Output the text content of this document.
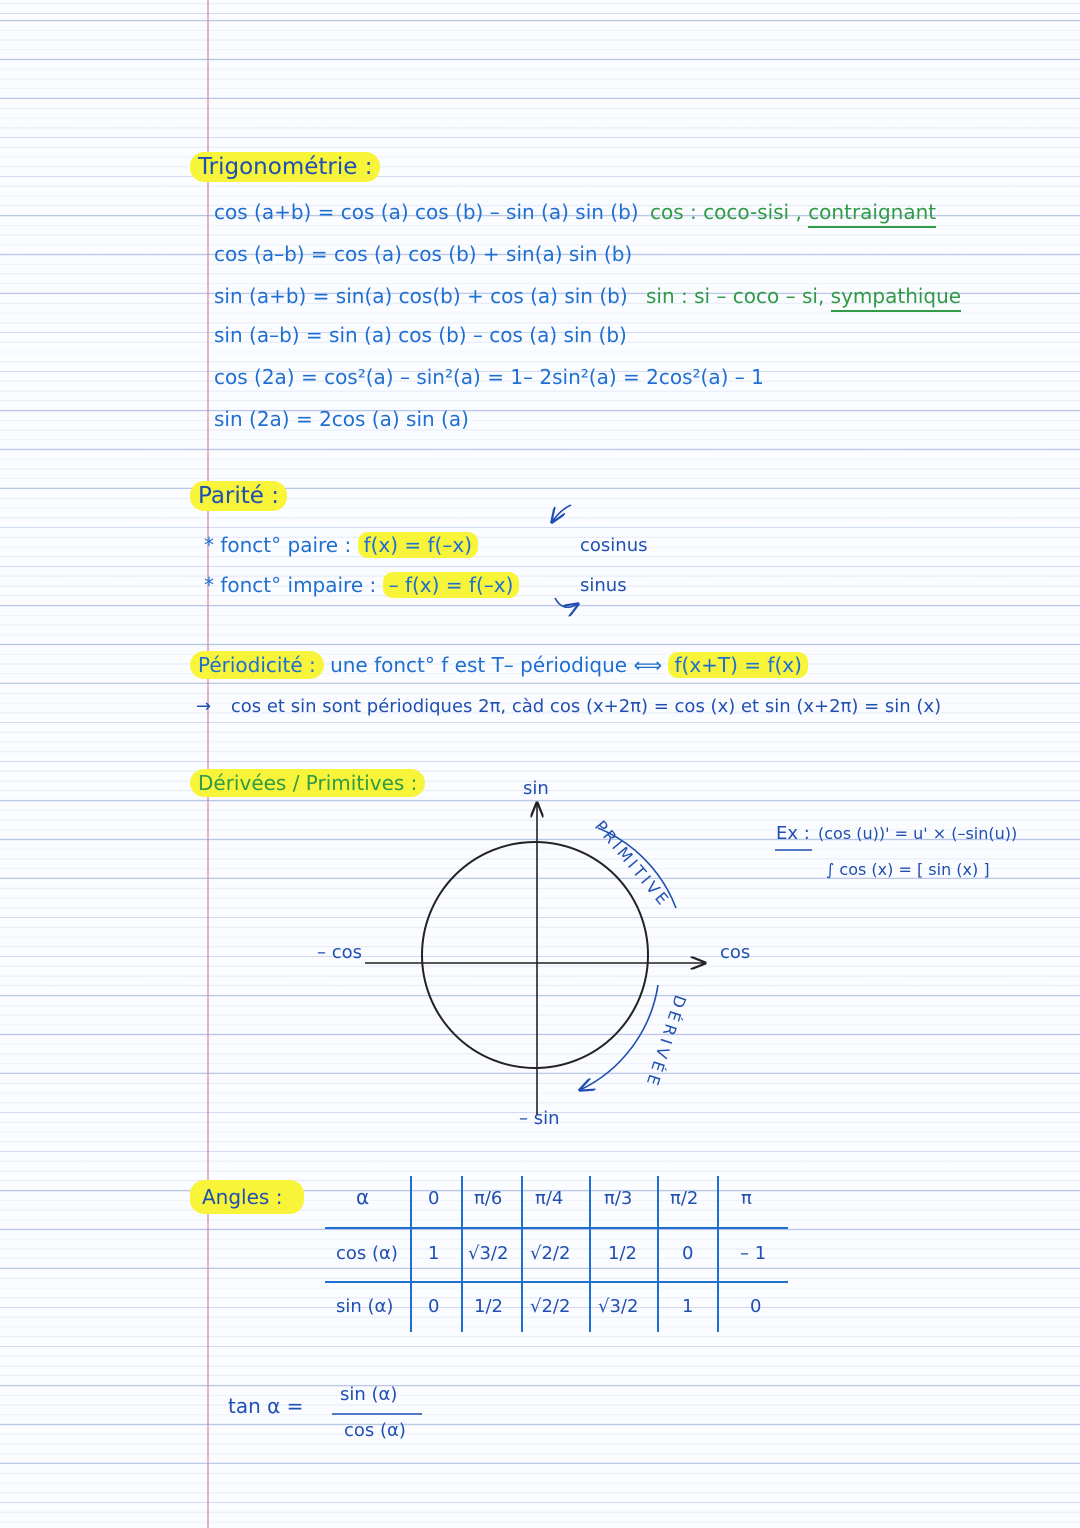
Trigonométrie :
cos (a+b) = cos (a) cos (b) – sin (a) sin (b)
cos (a–b) = cos (a) cos (b) + sin(a) sin (b)
sin (a+b) = sin(a) cos(b) + cos (a) sin (b)
sin (a–b) = sin (a) cos (b) – cos (a) sin (b)
cos (2a) = cos²(a) – sin²(a) = 1– 2sin²(a) = 2cos²(a) – 1
sin (2a) = 2cos (a) sin (a)
cos : coco-sisi , contraignant
sin : si – coco – si, sympathique
Parité :
* fonct° paire : f(x) = f(–x)	cosinus
* fonct° impaire : – f(x) = f(–x)	sinus
Périodicité : une fonct° f est T– périodique ⟺ f(x+T) = f(x)
→ cos et sin sont périodiques 2π, càd cos (x+2π) = cos (x) et sin (x+2π) = sin (x)
Dérivées / Primitives :	sin
– sin
– cos	cos
PRIMITIVE
DÉRIVÉE
Ex : (cos (u))' = u' × (–sin(u))
∫ cos (x) = [ sin (x) ]
Angles :	α	0 π/6 π/4 π/3 π/2 π
cos (α) 1 √3/2 √2/2 1/2	0	– 1
sin (α) 0 1/2 √2/2 √3/2 1	0
tan α = sin (α)
cos (α)
